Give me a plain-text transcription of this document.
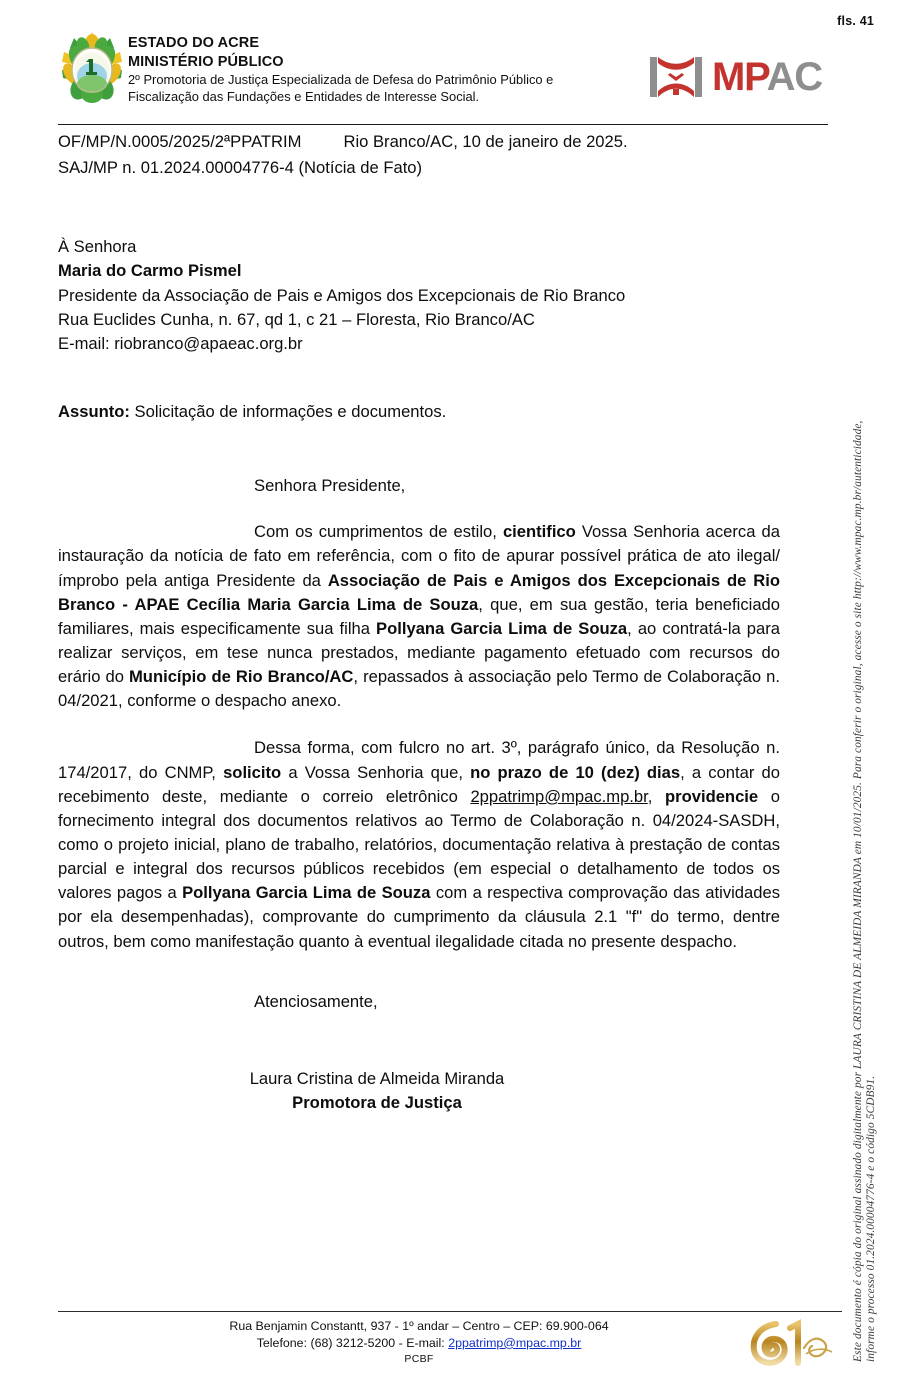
fls. 41
ESTADO DO ACRE
MINISTÉRIO PÚBLICO
2º Promotoria de Justiça Especializada de Defesa do Patrimônio Público e
Fiscalização das Fundações e Entidades de Interesse Social.	MPAC
OF/MP/N.0005/2025/2ªPPATRIM	Rio Branco/AC, 10 de janeiro de 2025.
SAJ/MP n. 01.2024.00004776-4 (Notícia de Fato)
À Senhora
Maria do Carmo Pismel
Presidente da Associação de Pais e Amigos dos Excepcionais de Rio Branco
Rua Euclides Cunha, n. 67, qd 1, c 21 – Floresta, Rio Branco/AC
E-mail: riobranco@apaeac.org.br
Assunto: Solicitação de informações e documentos.
Senhora Presidente,

Com os cumprimentos de estilo, cientifico Vossa Senhoria acerca da instauração da notícia de fato em referência, com o fito de apurar possível prática de ato ilegal/ímprobo pela antiga Presidente da Associação de Pais e Amigos dos Excepcionais de Rio Branco - APAE Cecília Maria Garcia Lima de Souza, que, em sua gestão, teria beneficiado familiares, mais especificamente sua filha Pollyana Garcia Lima de Souza, ao contratá-la para realizar serviços, em tese nunca prestados, mediante pagamento efetuado com recursos do erário do Município de Rio Branco/AC, repassados à associação pelo Termo de Colaboração n. 04/2021, conforme o despacho anexo.

Dessa forma, com fulcro no art. 3º, parágrafo único, da Resolução n. 174/2017, do CNMP, solicito a Vossa Senhoria que, no prazo de 10 (dez) dias, a contar do recebimento deste, mediante o correio eletrônico 2ppatrimp@mpac.mp.br, providencie o fornecimento integral dos documentos relativos ao Termo de Colaboração n. 04/2024-SASDH, como o projeto inicial, plano de trabalho, relatórios, documentação relativa à prestação de contas parcial e integral dos recursos públicos recebidos (em especial o detalhamento de todos os valores pagos a Pollyana Garcia Lima de Souza com a respectiva comprovação das atividades por ela desempenhadas), comprovante do cumprimento da cláusula 2.1 "f" do termo, dentre outros, bem como manifestação quanto à eventual ilegalidade citada no presente despacho.

Atenciosamente,
Laura Cristina de Almeida Miranda
Promotora de Justiça
Rua Benjamin Constantt, 937 - 1º andar – Centro – CEP: 69.900-064
Telefone: (68) 3212-5200 - E-mail: 2ppatrimp@mpac.mp.br
PCBF	Este documento é cópia do original assinado digitalmente por LAURA CRISTINA DE ALMEIDA MIRANDA em 10/01/2025. Para conferir o original, acesse o site http://www.mpac.mp.br/autenticidade, informe o processo 01.2024.00004776-4 e o código 5CDB91.
